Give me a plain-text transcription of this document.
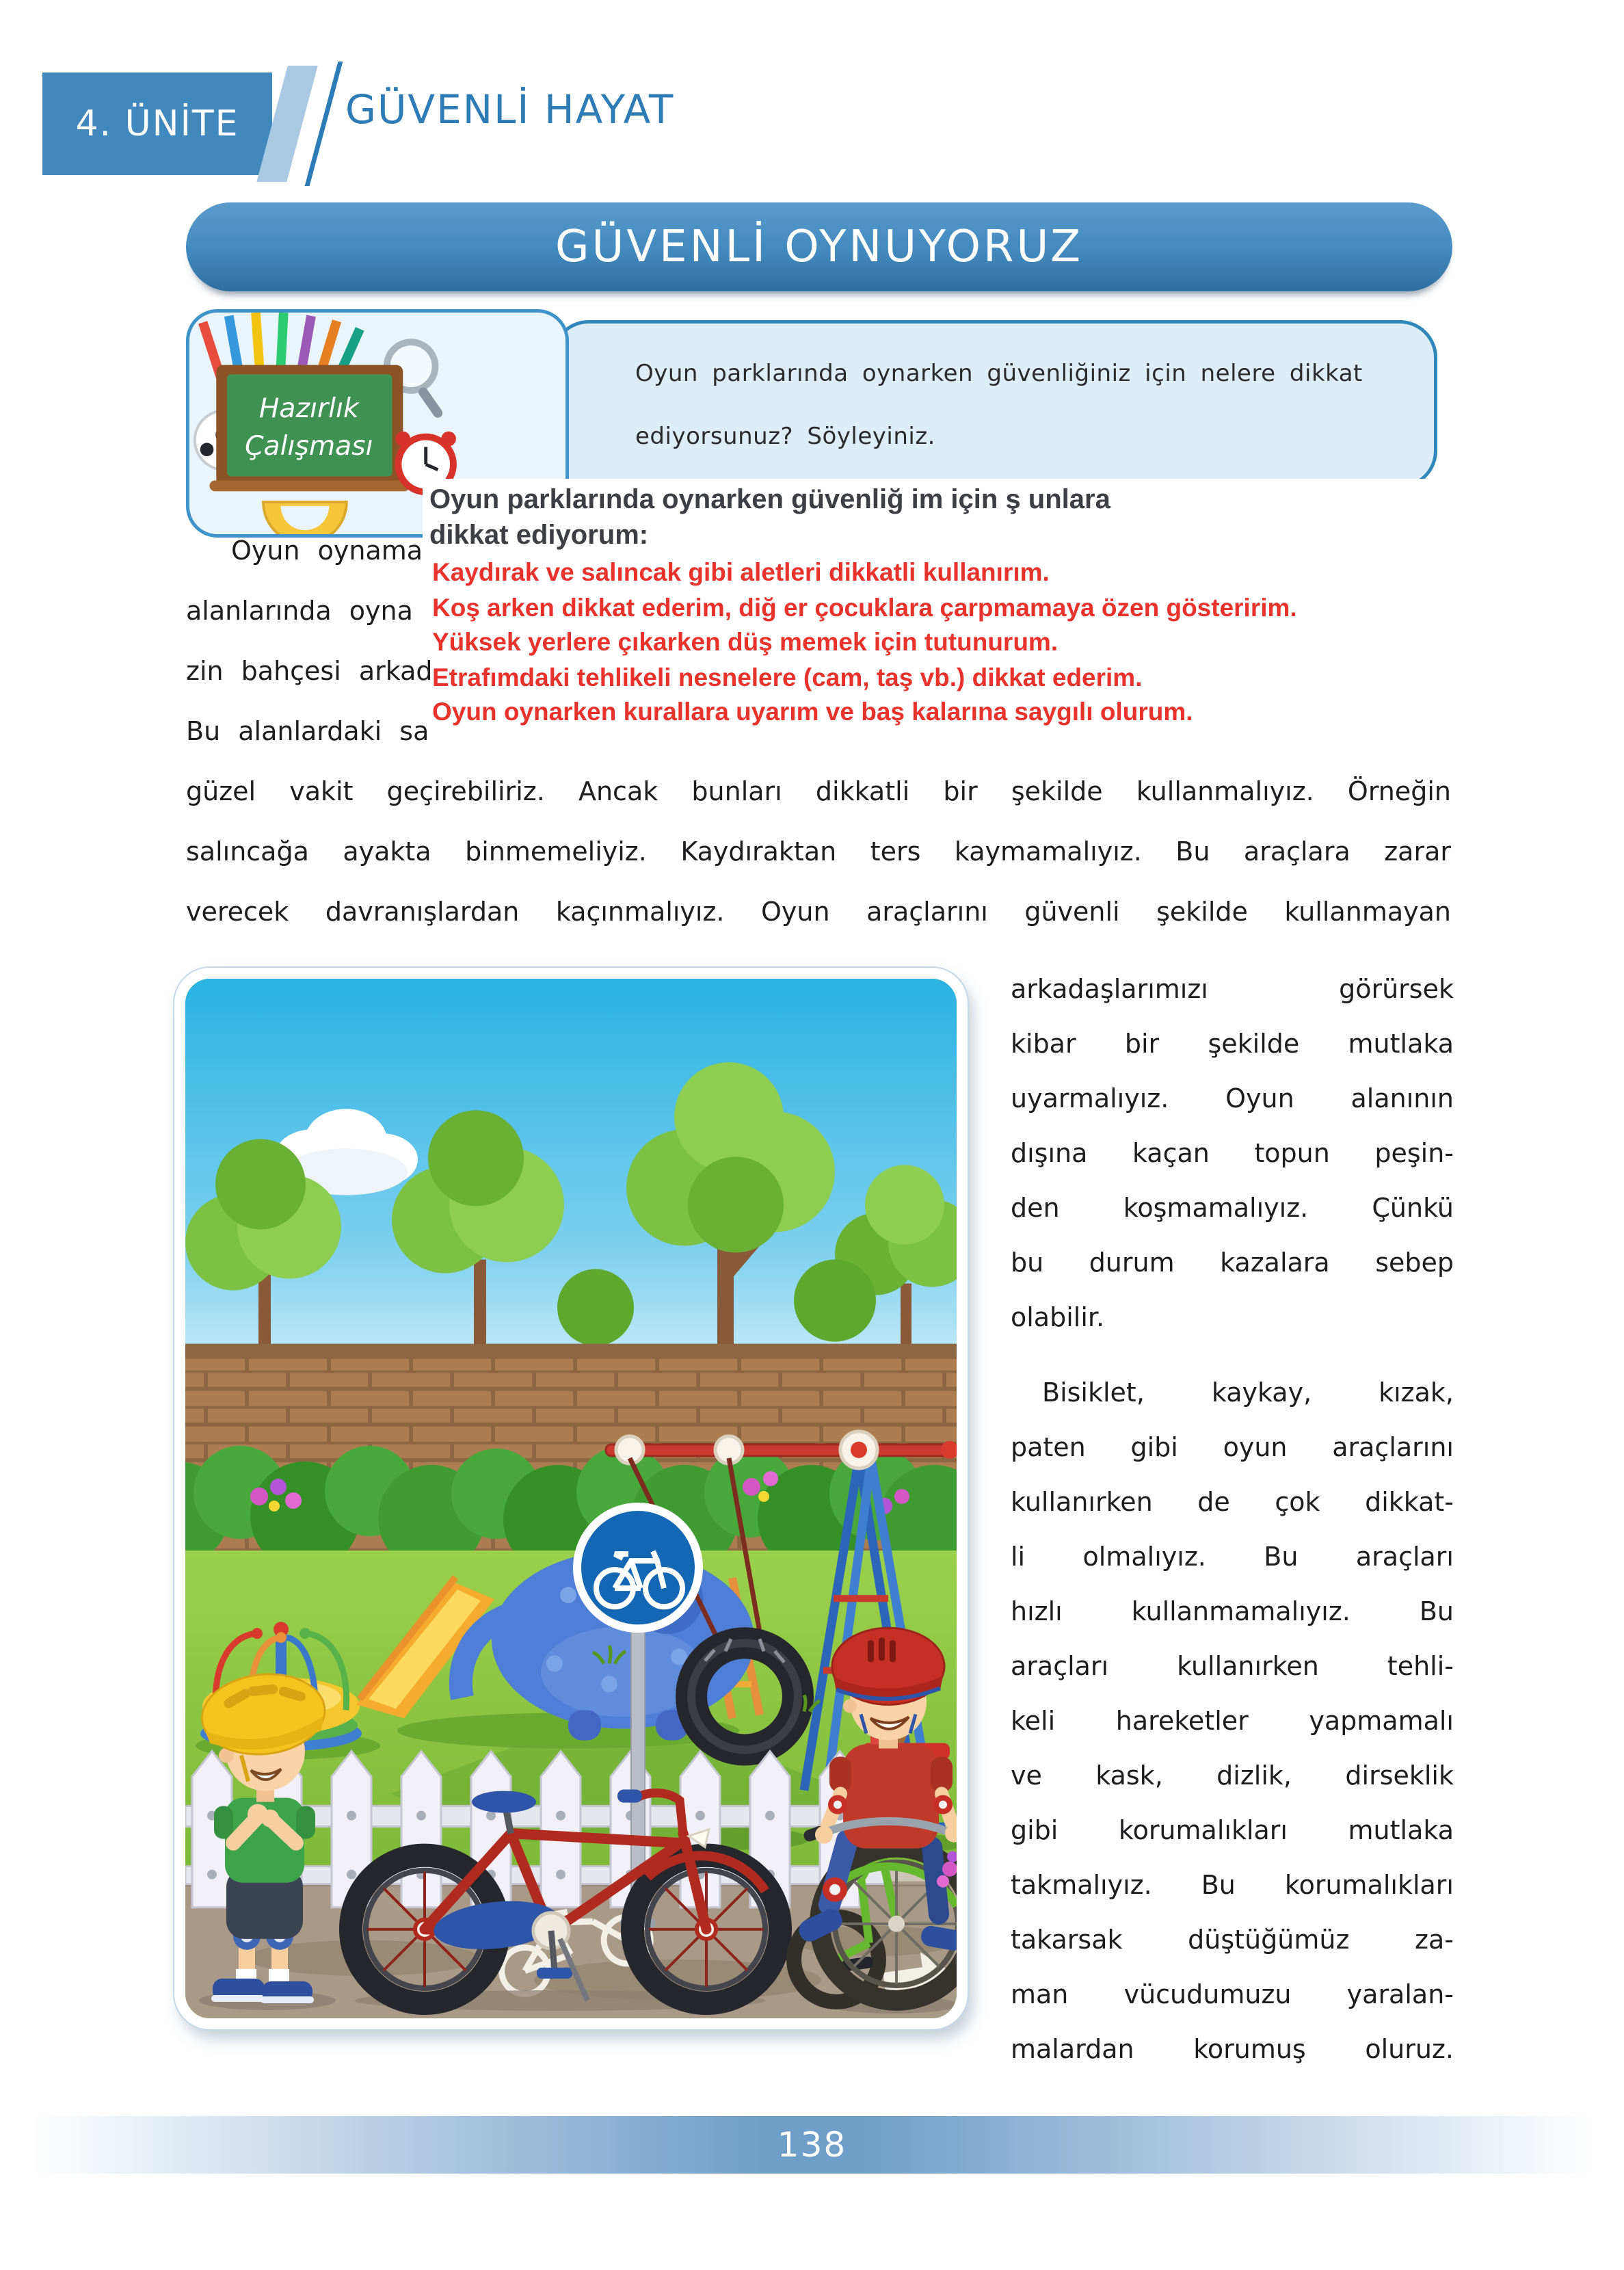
4. ÜNİTE	GÜVENLİ HAYAT
GÜVENLİ OYNUYORUZ
Oyun parklarında oynarken güvenliğiniz için nelere dikkat
ediyorsunuz? Söyleyiniz.
Hazırlık
Çalışması
Oyun parklarında oynarken güvenliğ im için ş unlara
dikkat ediyorum:
Kaydırak ve salıncak gibi aletleri dikkatli kullanırım.
Koş arken dikkat ederim, diğ er çocuklara çarpmamaya özen gösteririm.
Yüksek yerlere çıkarken düş memek için tutunurum.
Etrafımdaki tehlikeli nesnelere (cam, taş vb.) dikkat ederim.
Oyun oynarken kurallara uyarım ve baş kalarına saygılı olurum.
Oyun oynama
alanlarında oyna
zin bahçesi arkad
Bu alanlardaki sa
güzel vakit geçirebiliriz. Ancak bunları dikkatli bir şekilde kullanmalıyız. Örneğin
salıncağa ayakta binmemeliyiz. Kaydıraktan ters kaymamalıyız. Bu araçlara zarar
verecek davranışlardan kaçınmalıyız. Oyun araçlarını güvenli şekilde kullanmayan
arkadaşlarımızı görürsek
kibar bir şekilde mutlaka
uyarmalıyız. Oyun alanının
dışına kaçan topun peşin-
den koşmamalıyız. Çünkü
bu durum kazalara sebep
olabilir.
Bisiklet, kaykay, kızak,
paten gibi oyun araçlarını
kullanırken de çok dikkat-
li olmalıyız. Bu araçları
hızlı kullanmamalıyız. Bu
araçları kullanırken tehli-
keli hareketler yapmamalı
ve kask, dizlik, dirseklik
gibi korumalıkları mutlaka
takmalıyız. Bu korumalıkları
takarsak düştüğümüz za-
man vücudumuzu yaralan-
malardan korumuş oluruz.
138
